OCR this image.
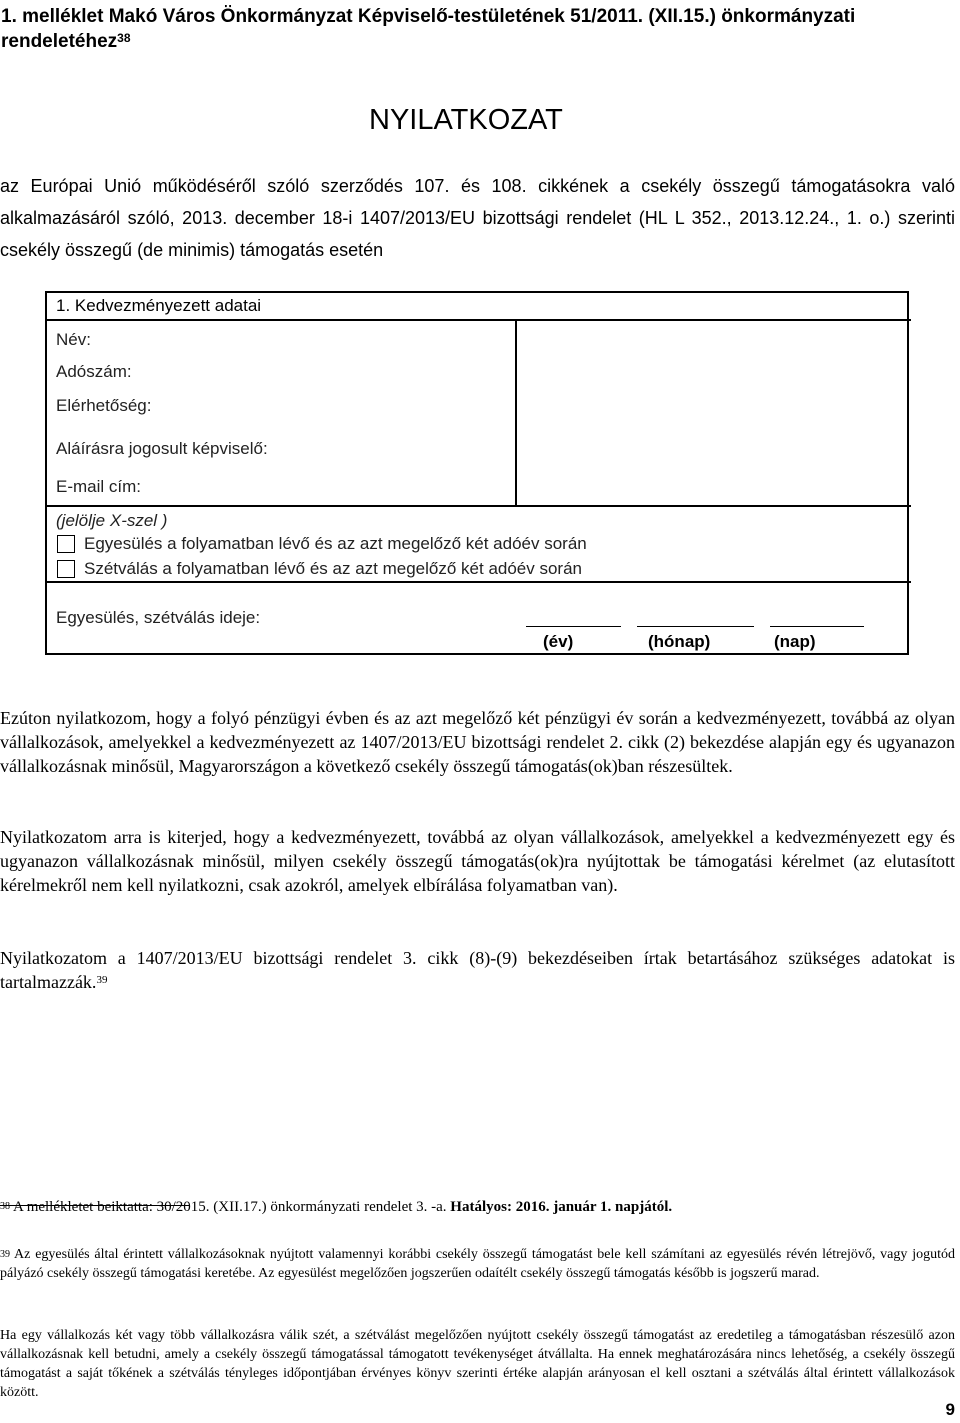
1. melléklet Makó Város Önkormányzat Képviselő-testületének 51/2011. (XII.15.) önkormányzati
rendeletéhez$^{38}$
NYILATKOZAT
az Európai Unió működéséről szóló szerződés 107. és 108. cikkének a csekély összegű támogatásokra való alkalmazásáról szóló, 2013. december 18-i 1407/2013/EU bizottsági rendelet (HL L 352., 2013.12.24., 1. o.) szerinti csekély összegű (de minimis) támogatás esetén
1. Kedvezményezett adatai
Név:
Adószám:
Elérhetőség:
Aláírásra jogosult képviselő:
E-mail cím:
(jelölje X-szel )
Egyesülés a folyamatban lévő és az azt megelőző két adóév során
Szétválás a folyamatban lévő és az azt megelőző két adóév során
Egyesülés, szétválás ideje:
(év)	(hónap)	(nap)

Ezúton nyilatkozom, hogy a folyó pénzügyi évben és az azt megelőző két pénzügyi év során a kedvezményezett, továbbá az olyan vállalkozások, amelyekkel a kedvezményezett az 1407/2013/EU bizottsági rendelet 2. cikk (2) bekezdése alapján egy és ugyanazon vállalkozásnak minősül, Magyarországon a következő csekély összegű támogatás(ok)ban részesültek.

Nyilatkozatom arra is kiterjed, hogy a kedvezményezett, továbbá az olyan vállalkozások, amelyekkel a kedvezményezett egy és ugyanazon vállalkozásnak minősül, milyen csekély összegű támogatás(ok)ra nyújtottak be támogatási kérelmet (az elutasított kérelmekről nem kell nyilatkozni, csak azokról, amelyek elbírálása folyamatban van).

Nyilatkozatom a 1407/2013/EU bizottsági rendelet 3. cikk (8)-(9) bekezdéseiben írtak betartásához szükséges adatokat is tartalmazzák.$^{39}$

$^{38}$ A mellékletet beiktatta: 30/2015. (XII.17.) önkormányzati rendelet 3. -a. Hatályos: 2016. január 1. napjától.

$^{39}$ Az egyesülés által érintett vállalkozásoknak nyújtott valamennyi korábbi csekély összegű támogatást bele kell számítani az egyesülés révén létrejövő, vagy jogutód pályázó csekély összegű támogatási keretébe. Az egyesülést megelőzően jogszerűen odaítélt csekély összegű támogatás később is jogszerű marad.

Ha egy vállalkozás két vagy több vállalkozásra válik szét, a szétválást megelőzően nyújtott csekély összegű támogatást az eredetileg a támogatásban részesülő azon vállalkozásnak kell betudni, amely a csekély összegű támogatással támogatott tevékenységet átvállalta. Ha ennek meghatározására nincs lehetőség, a csekély összegű támogatást a saját tőkének a szétválás tényleges időpontjában érvényes könyv szerinti értéke alapján arányosan el kell osztani a szétválás által érintett vállalkozások között.

9
